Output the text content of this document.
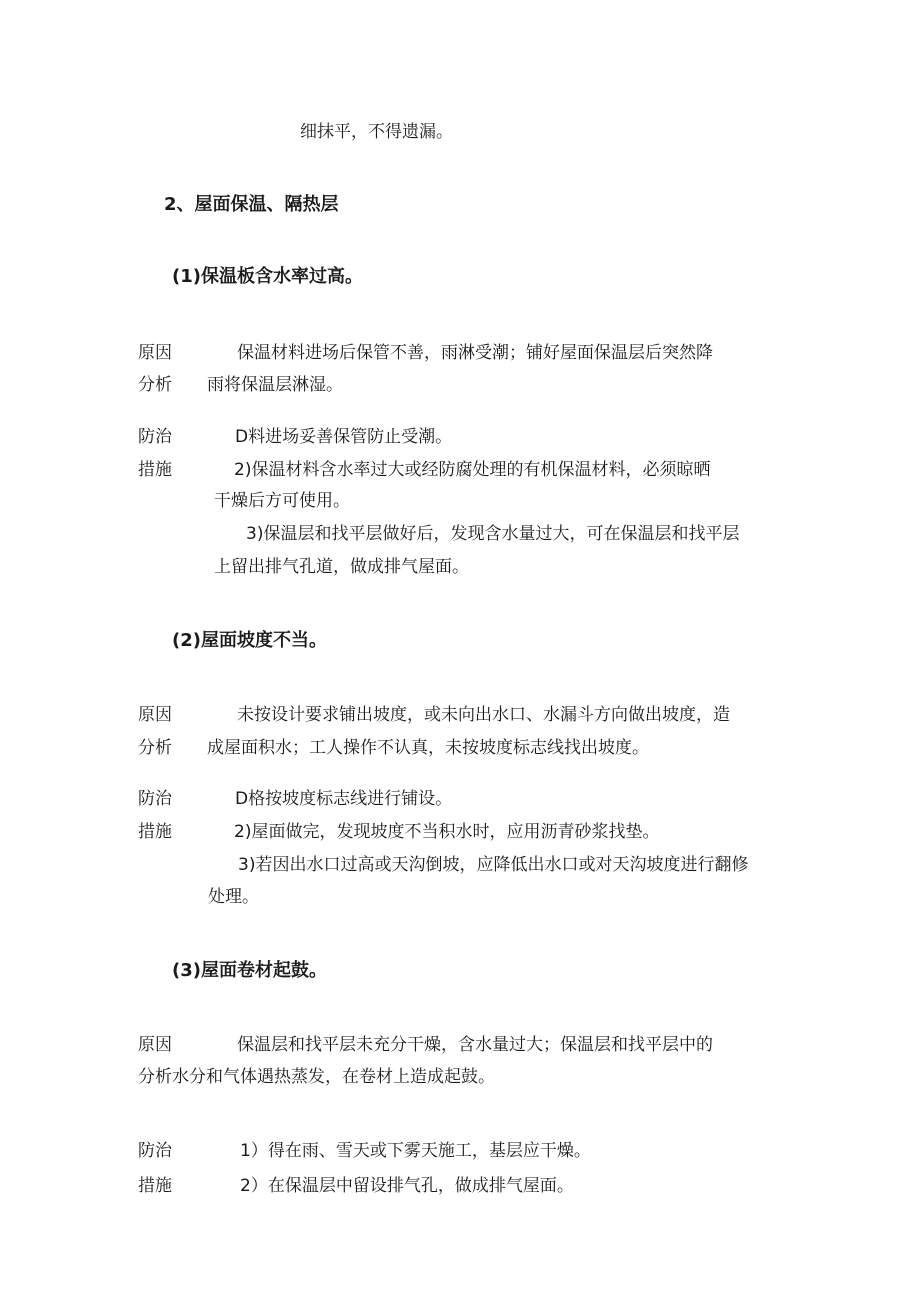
细抹平，不得遗漏。
2、屋面保温、隔热层
(1)保温板含水率过高。
原因
分析
保温材料进场后保管不善，雨淋受潮；铺好屋面保温层后突然降
雨将保温层淋湿。
防治
措施
D料进场妥善保管防止受潮。
2)保温材料含水率过大或经防腐处理的有机保温材料，必须晾晒
干燥后方可使用。
3)保温层和找平层做好后，发现含水量过大，可在保温层和找平层
上留出排气孔道，做成排气屋面。
(2)屋面坡度不当。
原因
分析
未按设计要求铺出坡度，或未向出水口、水漏斗方向做出坡度，造
成屋面积水；工人操作不认真，未按坡度标志线找出坡度。
防治
措施
D格按坡度标志线进行铺设。
2)屋面做完，发现坡度不当积水时，应用沥青砂浆找垫。
3)若因出水口过高或天沟倒坡，应降低出水口或对天沟坡度进行翻修
处理。
(3)屋面卷材起鼓。
原因	保温层和找平层未充分干燥，含水量过大；保温层和找平层中的
分析水分和气体遇热蒸发，在卷材上造成起鼓。
防治
措施
1）得在雨、雪天或下雾天施工，基层应干燥。
2）在保温层中留设排气孔，做成排气屋面。
